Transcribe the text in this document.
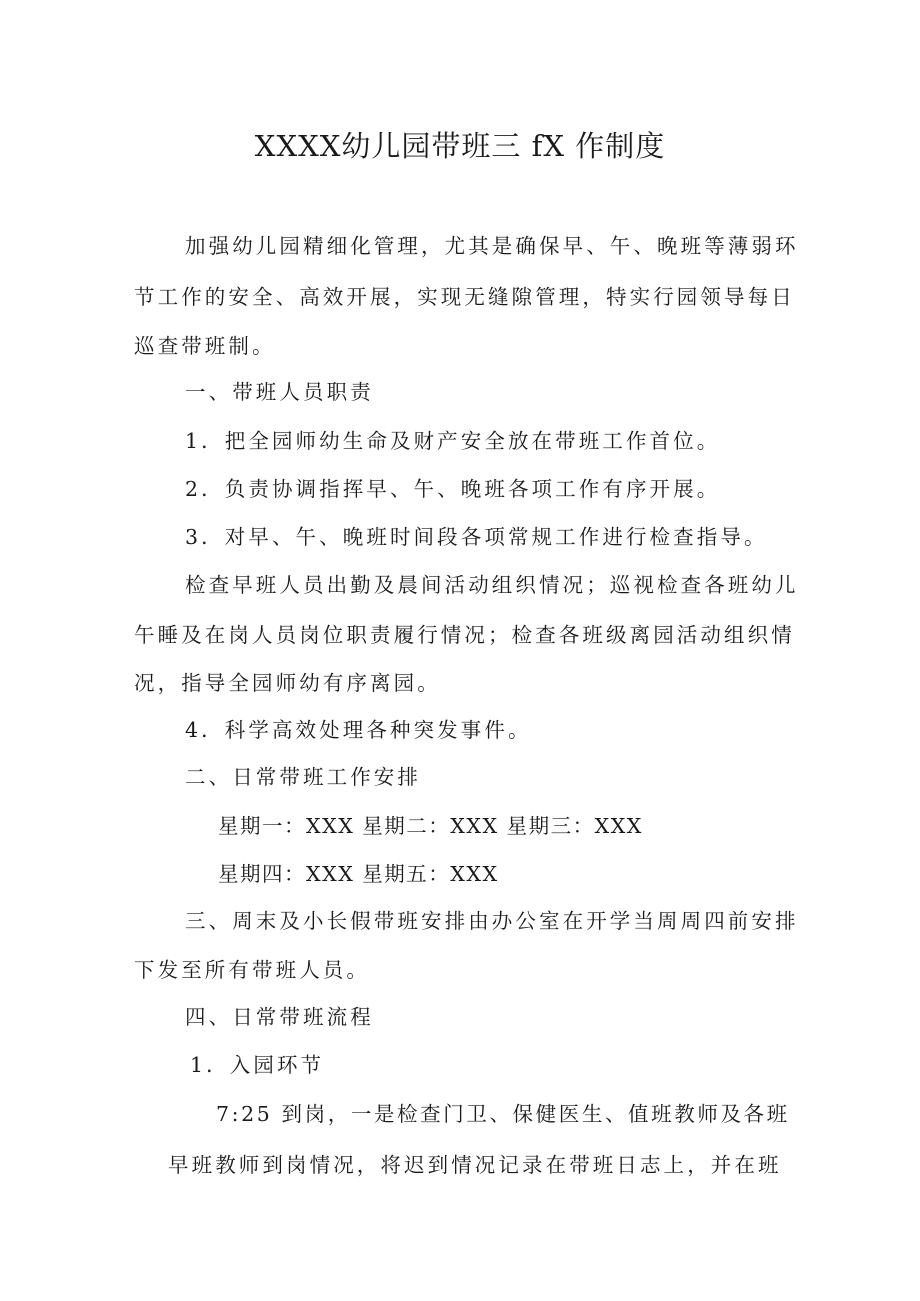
XXXX幼儿园带班三 fX 作制度
加强幼儿园精细化管理，尤其是确保早、午、晚班等薄弱环
节工作的安全、高效开展，实现无缝隙管理，特实行园领导每日
巡查带班制。
一、带班人员职责
1．把全园师幼生命及财产安全放在带班工作首位。
2．负责协调指挥早、午、晚班各项工作有序开展。
3．对早、午、晚班时间段各项常规工作进行检查指导。
检查早班人员出勤及晨间活动组织情况；巡视检查各班幼儿
午睡及在岗人员岗位职责履行情况；检查各班级离园活动组织情
况，指导全园师幼有序离园。
4．科学高效处理各种突发事件。
二、日常带班工作安排
星期一：XXX 星期二：XXX 星期三：XXX
星期四：XXX 星期五：XXX
三、周末及小长假带班安排由办公室在开学当周周四前安排
下发至所有带班人员。
四、日常带班流程
1．入园环节
7:25 到岗，一是检查门卫、保健医生、值班教师及各班
早班教师到岗情况，将迟到情况记录在带班日志上，并在班
